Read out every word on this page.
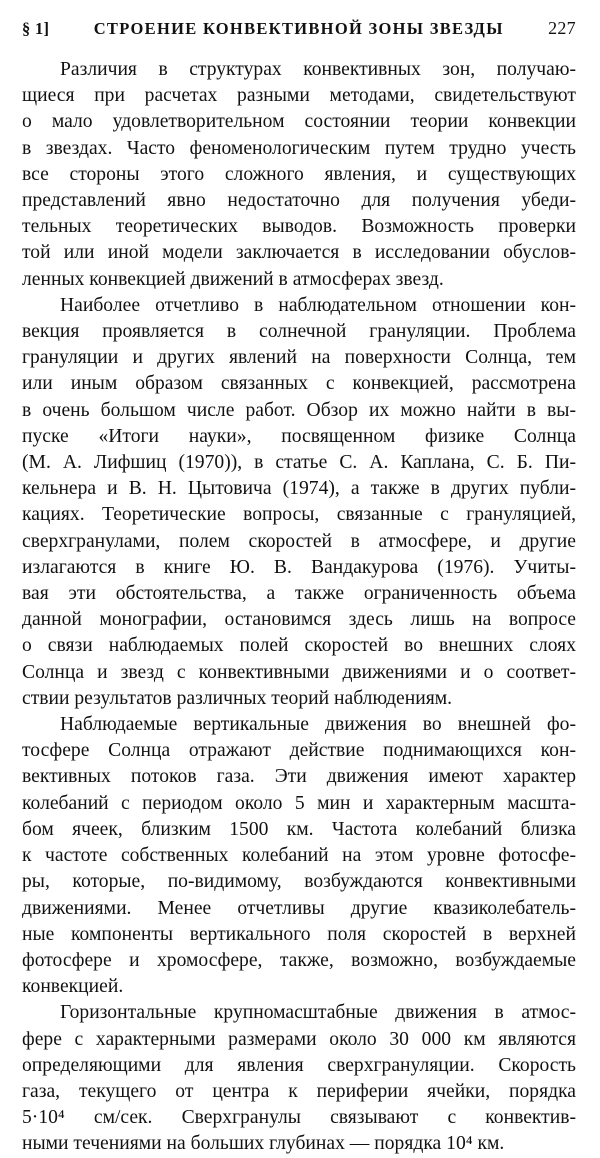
§ 1]	СТРОЕНИЕ КОНВЕКТИВНОЙ ЗОНЫ ЗВЕЗДЫ 227
Различия в структурах конвективных зон, получаю-
щиеся при расчетах разными методами, свидетельствуют
о мало удовлетворительном состоянии теории конвекции
в звездах. Часто феноменологическим путем трудно учесть
все стороны этого сложного явления, и существующих
представлений явно недостаточно для получения убеди-
тельных теоретических выводов. Возможность проверки
той или иной модели заключается в исследовании обуслов-
ленных конвекцией движений в атмосферах звезд.
Наиболее отчетливо в наблюдательном отношении кон-
векция проявляется в солнечной грануляции. Проблема
грануляции и других явлений на поверхности Солнца, тем
или иным образом связанных с конвекцией, рассмотрена
в очень большом числе работ. Обзор их можно найти в вы-
пуске «Итоги науки», посвященном физике Солнца
(М. А. Лифшиц (1970)), в статье С. А. Каплана, С. Б. Пи-
кельнера и В. Н. Цытовича (1974), а также в других публи-
кациях. Теоретические вопросы, связанные с грануляцией,
сверхгранулами, полем скоростей в атмосфере, и другие
излагаются в книге Ю. В. Вандакурова (1976). Учиты-
вая эти обстоятельства, а также ограниченность объема
данной монографии, остановимся здесь лишь на вопросе
о связи наблюдаемых полей скоростей во внешних слоях
Солнца и звезд с конвективными движениями и о соответ-
ствии результатов различных теорий наблюдениям.
Наблюдаемые вертикальные движения во внешней фо-
тосфере Солнца отражают действие поднимающихся кон-
вективных потоков газа. Эти движения имеют характер
колебаний с периодом около 5 мин и характерным масшта-
бом ячеек, близким 1500 км. Частота колебаний близка
к частоте собственных колебаний на этом уровне фотосфе-
ры, которые, по-видимому, возбуждаются конвективными
движениями. Менее отчетливы другие квазиколебатель-
ные компоненты вертикального поля скоростей в верхней
фотосфере и хромосфере, также, возможно, возбуждаемые
конвекцией.
Горизонтальные крупномасштабные движения в атмос-
фере с характерными размерами около 30 000 км являются
определяющими для явления сверхгрануляции. Скорость
газа, текущего от центра к периферии ячейки, порядка
5·10⁴ см/сек. Сверхгранулы связывают с конвектив-
ными течениями на больших глубинах — порядка 10⁴ км.
